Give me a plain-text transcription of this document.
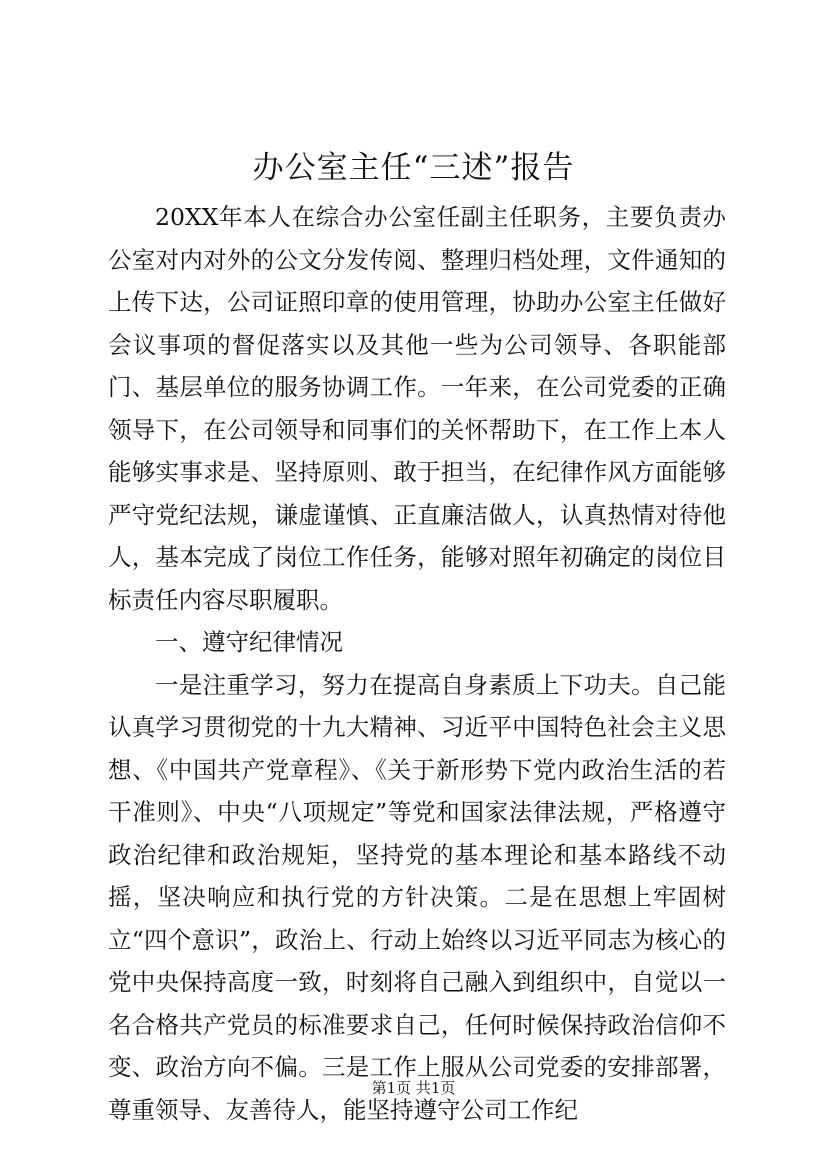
办公室主任“三述”报告

20XX年本人在综合办公室任副主任职务，主要负责办公室对内对外的公文分发传阅、整理归档处理，文件通知的上传下达，公司证照印章的使用管理，协助办公室主任做好会议事项的督促落实以及其他一些为公司领导、各职能部门、基层单位的服务协调工作。一年来，在公司党委的正确领导下，在公司领导和同事们的关怀帮助下，在工作上本人能够实事求是、坚持原则、敢于担当，在纪律作风方面能够严守党纪法规，谦虚谨慎、正直廉洁做人，认真热情对待他人，基本完成了岗位工作任务，能够对照年初确定的岗位目标责任内容尽职履职。

一、遵守纪律情况

一是注重学习，努力在提高自身素质上下功夫。自己能认真学习贯彻党的十九大精神、习近平中国特色社会主义思想、《中国共产党章程》、《关于新形势下党内政治生活的若干准则》、中央“八项规定”等党和国家法律法规，严格遵守政治纪律和政治规矩，坚持党的基本理论和基本路线不动摇，坚决响应和执行党的方针决策。二是在思想上牢固树立“四个意识”，政治上、行动上始终以习近平同志为核心的党中央保持高度一致，时刻将自己融入到组织中，自觉以一名合格共产党员的标准要求自己，任何时候保持政治信仰不变、政治方向不偏。三是工作上服从公司党委的安排部署，尊重领导、友善待人，能坚持遵守公司工作纪

第1页 共1页
